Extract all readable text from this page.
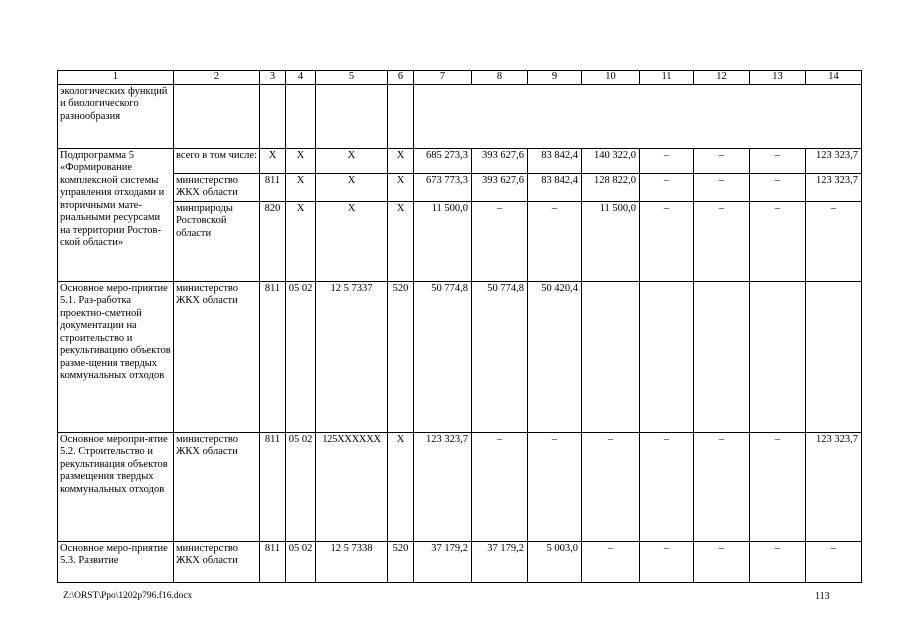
1	2	3	4	5	6	7	8	9	10	11	12	13	14
экологических функций и биологического разнообразия													
Подпрограмма 5 «Формирование комплексной системы управления отходами и вторичными мате-риальными ресурсами на территории Ростов-ской области»	всего в том числе:	Х	Х	Х	Х	685 273,3	393 627,6	83 842,4	140 322,0	–	–	–	123 323,7
	министерство ЖКХ области	811	Х	Х	Х	673 773,3	393 627,6	83 842,4	128 822,0	–	–	–	123 323,7
	минприроды Ростовской области	820	Х	Х	Х	11 500,0	–	–	11 500,0	–	–	–	–
Основное меро-приятие 5.1. Раз-работка проектно-сметной документации на строительство и рекультивацию объектов разме-щения твердых коммунальных отходов	министерство ЖКХ области	811	05 02	12 5 7337	520	50 774,8	50 774,8	50 420,4					
Основное меропри-ятие 5.2. Строительство и рекультивация объектов размещения твердых коммунальных отходов	министерство ЖКХ области	811	05 02	125ХХХХХХ	Х	123 323,7	–	–	–	–	–	–	123 323,7
Основное меро-приятие 5.3. Развитие	министерство ЖКХ области	811	05 02	12 5 7338	520	37 179,2	37 179,2	5 003,0	–	–	–	–	–
Z:\ORST\Ppo\1202p796.f16.docx	113
